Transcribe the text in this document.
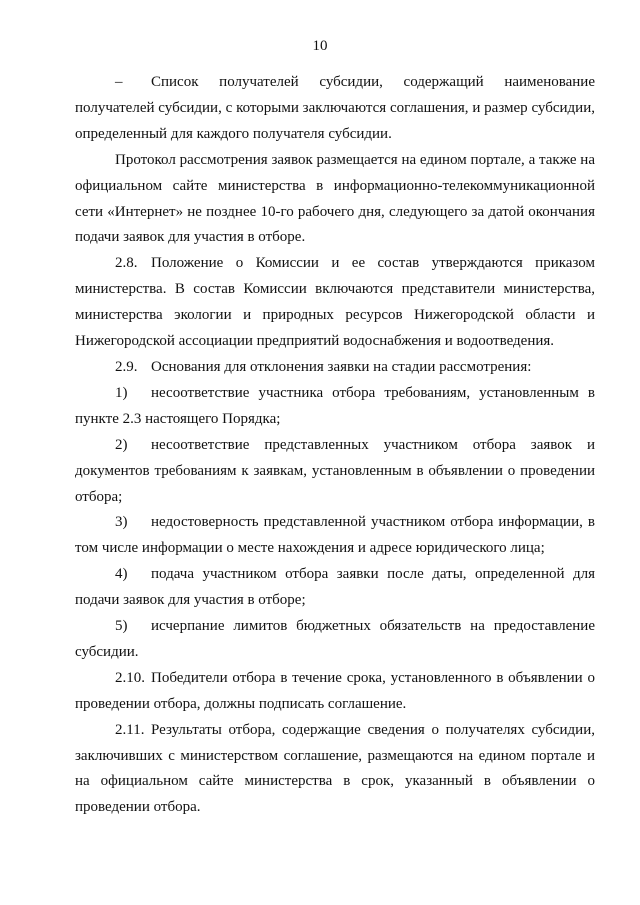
10

– Список получателей субсидии, содержащий наименование получателей субсидии, с которыми заключаются соглашения, и размер субсидии, определенный для каждого получателя субсидии.

Протокол рассмотрения заявок размещается на едином портале, а также на официальном сайте министерства в информационно-телекоммуникационной сети «Интернет» не позднее 10-го рабочего дня, следующего за датой окончания подачи заявок для участия в отборе.

2.8. Положение о Комиссии и ее состав утверждаются приказом министерства. В состав Комиссии включаются представители министерства, министерства экологии и природных ресурсов Нижегородской области и Нижегородской ассоциации предприятий водоснабжения и водоотведения.

2.9. Основания для отклонения заявки на стадии рассмотрения:

1) несоответствие участника отбора требованиям, установленным в пункте 2.3 настоящего Порядка;

2) несоответствие представленных участником отбора заявок и документов требованиям к заявкам, установленным в объявлении о проведении отбора;

3) недостоверность представленной участником отбора информации, в том числе информации о месте нахождения и адресе юридического лица;

4) подача участником отбора заявки после даты, определенной для подачи заявок для участия в отборе;

5) исчерпание лимитов бюджетных обязательств на предоставление субсидии.

2.10. Победители отбора в течение срока, установленного в объявлении о проведении отбора, должны подписать соглашение.

2.11. Результаты отбора, содержащие сведения о получателях субсидии, заключивших с министерством соглашение, размещаются на едином портале и на официальном сайте министерства в срок, указанный в объявлении о проведении отбора.
